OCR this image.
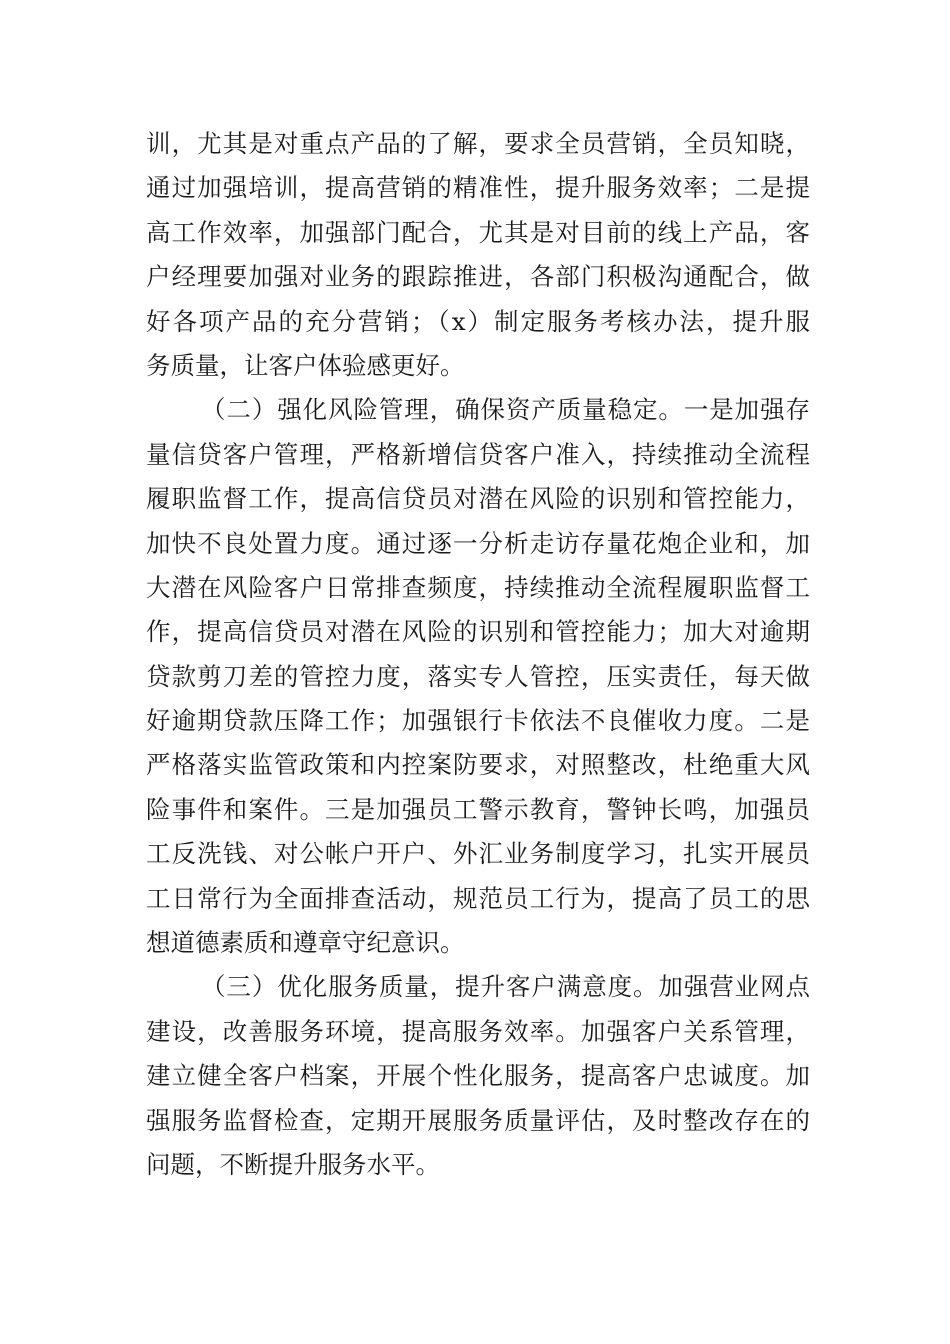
训，尤其是对重点产品的了解，要求全员营销，全员知晓，
通过加强培训，提高营销的精准性，提升服务效率；二是提
高工作效率，加强部门配合，尤其是对目前的线上产品，客
户经理要加强对业务的跟踪推进，各部门积极沟通配合，做
好各项产品的充分营销；（x）制定服务考核办法，提升服
务质量，让客户体验感更好。
（二）强化风险管理，确保资产质量稳定。一是加强存
量信贷客户管理，严格新增信贷客户准入，持续推动全流程
履职监督工作，提高信贷员对潜在风险的识别和管控能力，
加快不良处置力度。通过逐一分析走访存量花炮企业和，加
大潜在风险客户日常排查频度，持续推动全流程履职监督工
作，提高信贷员对潜在风险的识别和管控能力；加大对逾期
贷款剪刀差的管控力度，落实专人管控，压实责任，每天做
好逾期贷款压降工作；加强银行卡依法不良催收力度。二是
严格落实监管政策和内控案防要求，对照整改，杜绝重大风
险事件和案件。三是加强员工警示教育，警钟长鸣，加强员
工反洗钱、对公帐户开户、外汇业务制度学习，扎实开展员
工日常行为全面排查活动，规范员工行为，提高了员工的思
想道德素质和遵章守纪意识。
（三）优化服务质量，提升客户满意度。加强营业网点
建设，改善服务环境，提高服务效率。加强客户关系管理，
建立健全客户档案，开展个性化服务，提高客户忠诚度。加
强服务监督检查，定期开展服务质量评估，及时整改存在的
问题，不断提升服务水平。
